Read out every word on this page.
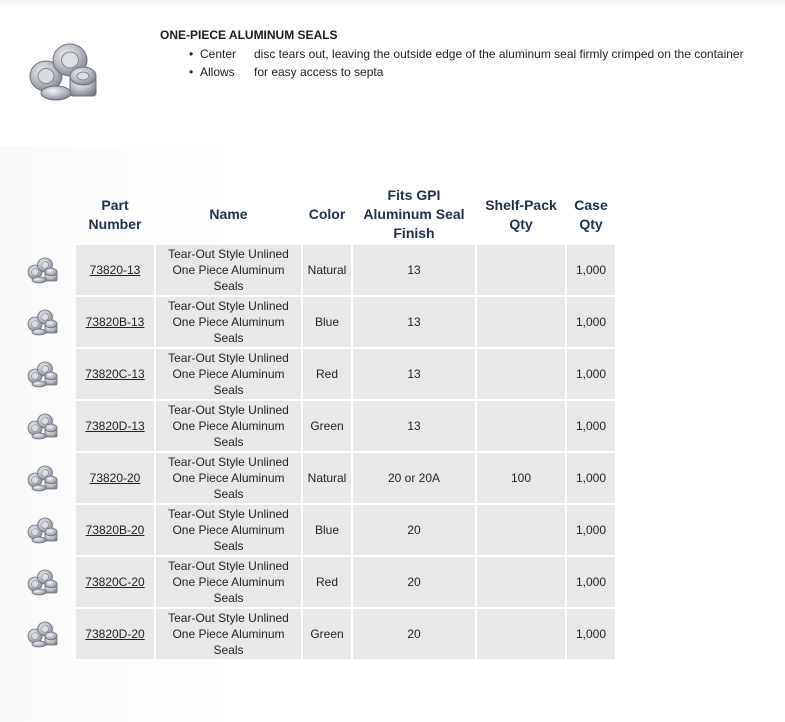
ONE-PIECE ALUMINUM SEALS
• Center disc tears out, leaving the outside edge of the aluminum seal firmly crimped on the container
• Allows for easy access to septa
	Part Number	Name	Color	Fits GPI Aluminum Seal Finish	Shelf-Pack Qty	Case Qty

	73820-13	Tear-Out Style Unlined One Piece Aluminum Seals	Natural	13		1,000

	73820B-13	Tear-Out Style Unlined One Piece Aluminum Seals	Blue	13		1,000

	73820C-13	Tear-Out Style Unlined One Piece Aluminum Seals	Red	13		1,000

	73820D-13	Tear-Out Style Unlined One Piece Aluminum Seals	Green	13		1,000

	73820-20	Tear-Out Style Unlined One Piece Aluminum Seals	Natural	20 or 20A	100	1,000

	73820B-20	Tear-Out Style Unlined One Piece Aluminum Seals	Blue	20		1,000

	73820C-20	Tear-Out Style Unlined One Piece Aluminum Seals	Red	20		1,000

	73820D-20	Tear-Out Style Unlined One Piece Aluminum Seals	Green	20		1,000
